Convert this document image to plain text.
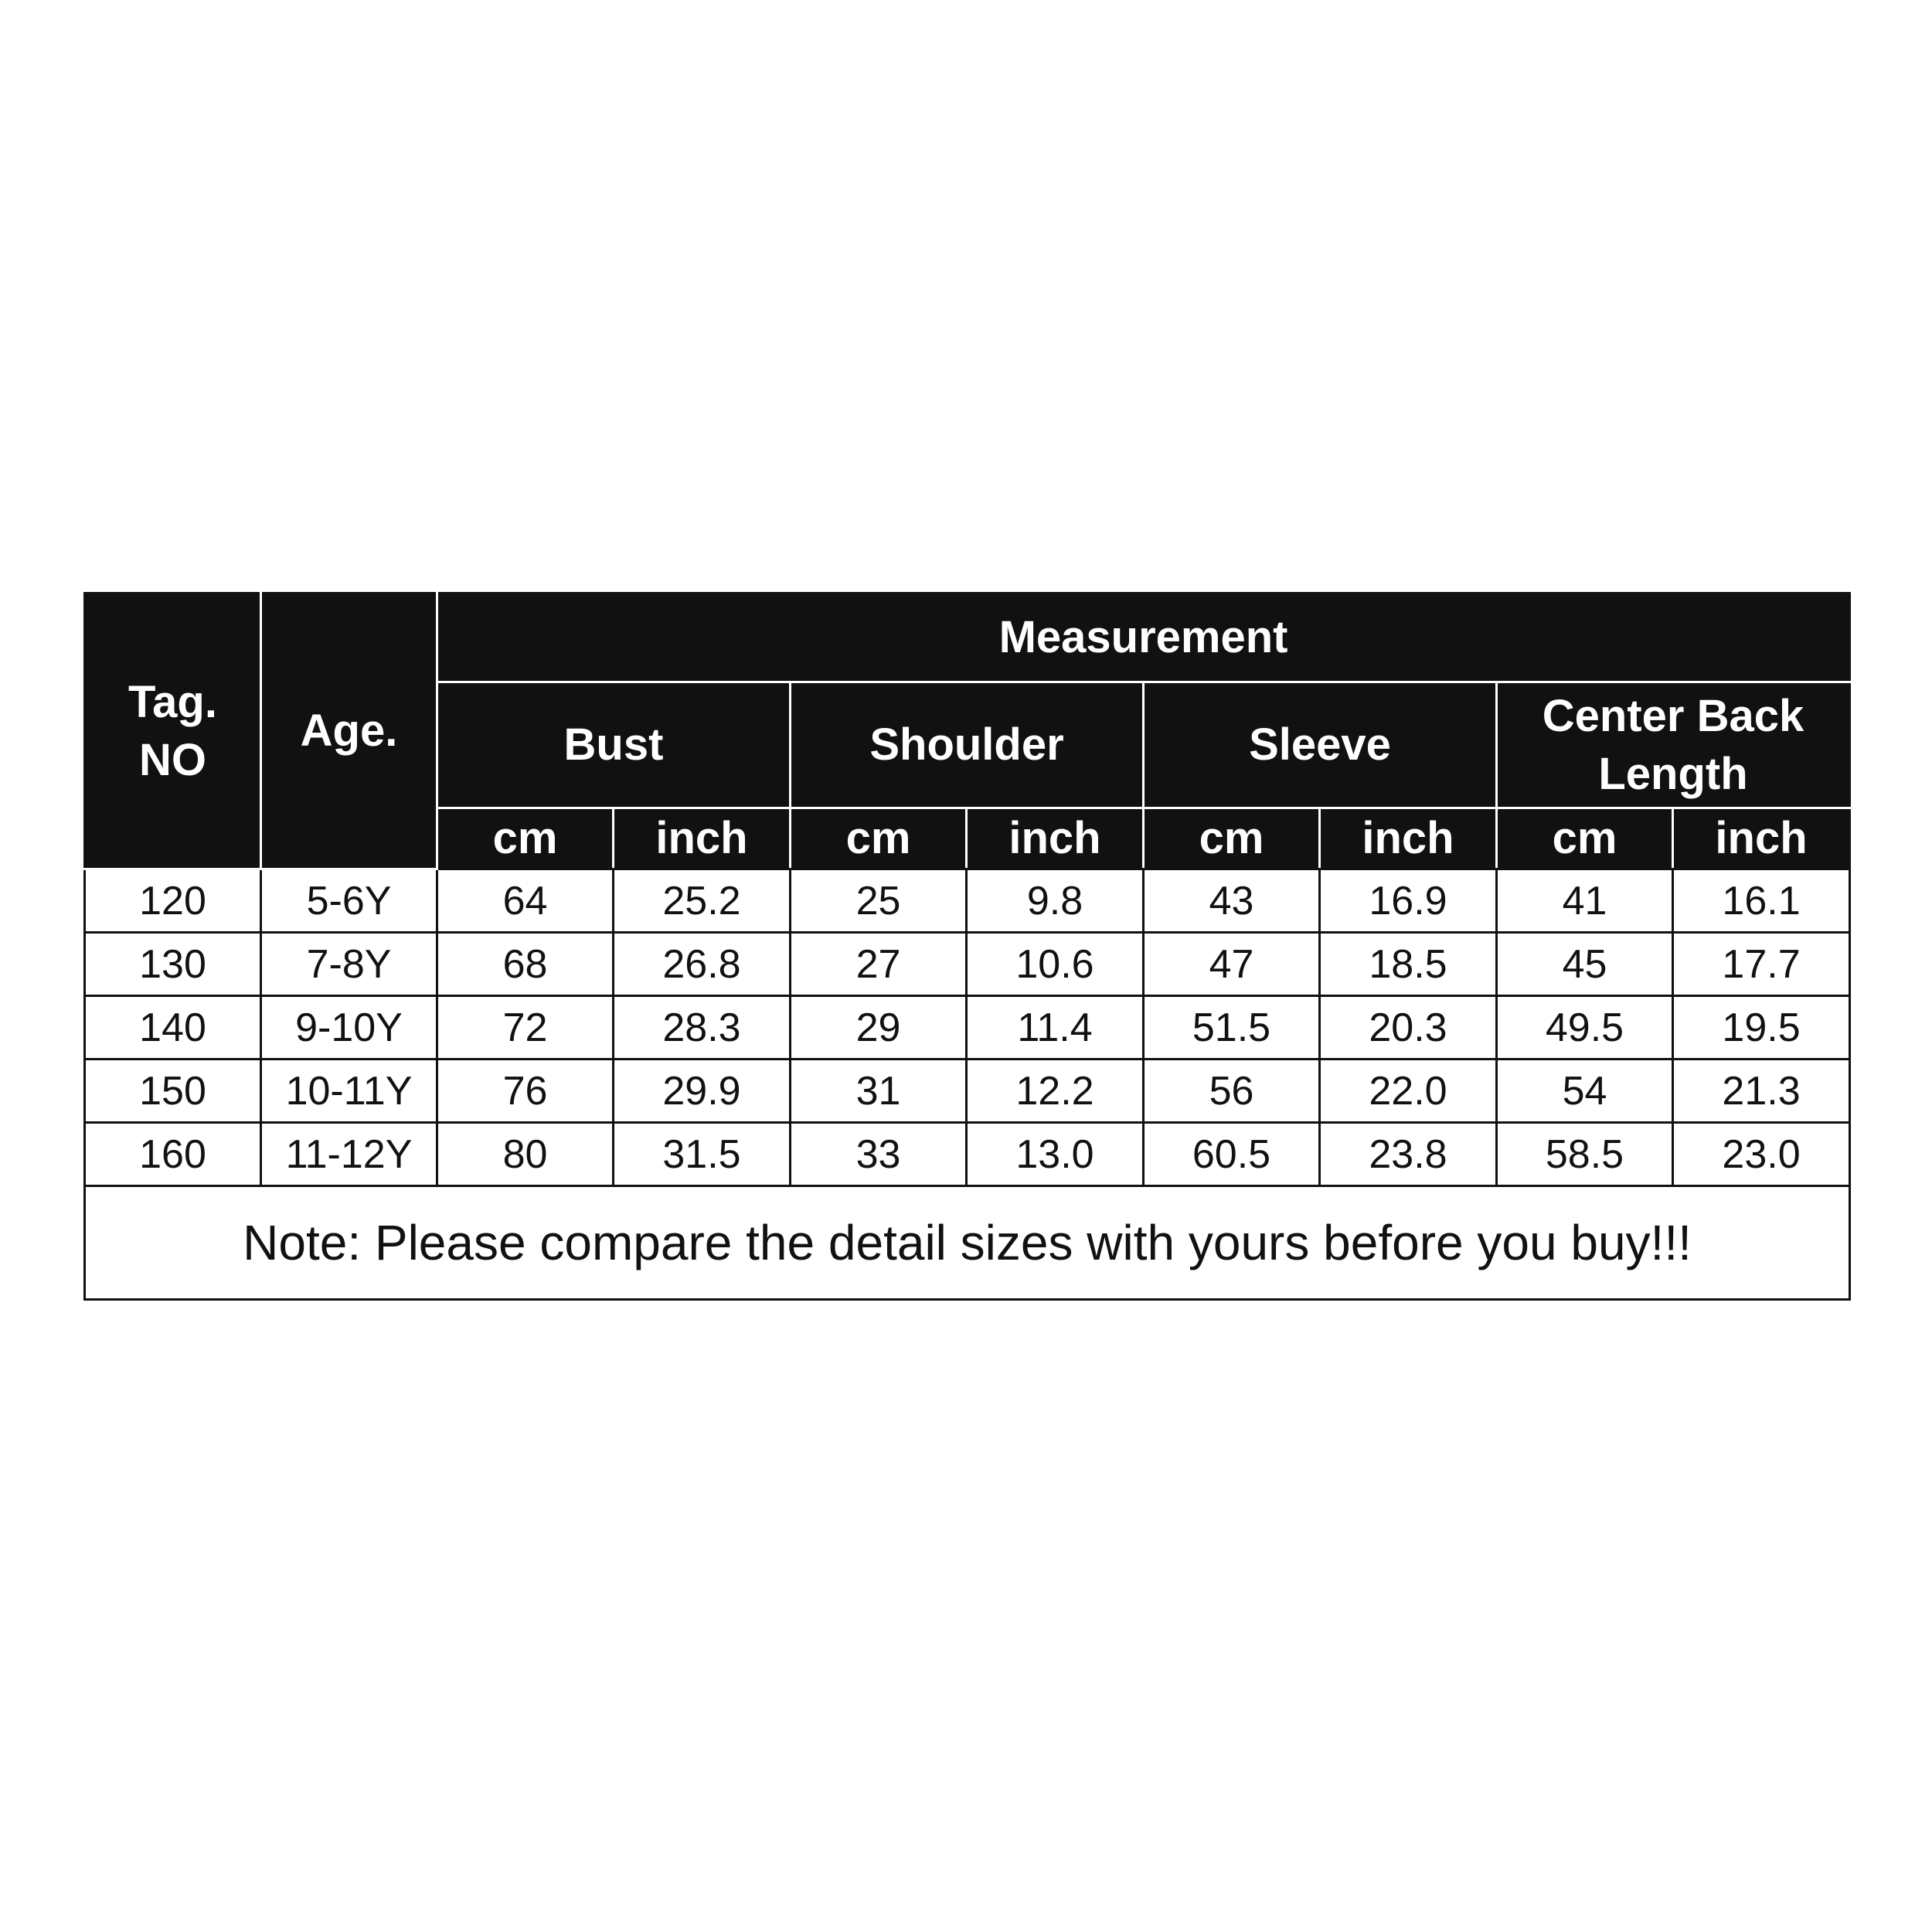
Tag. NO	Age.	Measurement							
		Bust		Shoulder		Sleeve		Center Back Length	
		cm	inch	cm	inch	cm	inch	cm	inch
120	5-6Y	64	25.2	25	9.8	43	16.9	41	16.1
130	7-8Y	68	26.8	27	10.6	47	18.5	45	17.7
140	9-10Y	72	28.3	29	11.4	51.5	20.3	49.5	19.5
150	10-11Y	76	29.9	31	12.2	56	22.0	54	21.3
160	11-12Y	80	31.5	33	13.0	60.5	23.8	58.5	23.0
Note: Please compare the detail sizes with yours before you buy!!!									
